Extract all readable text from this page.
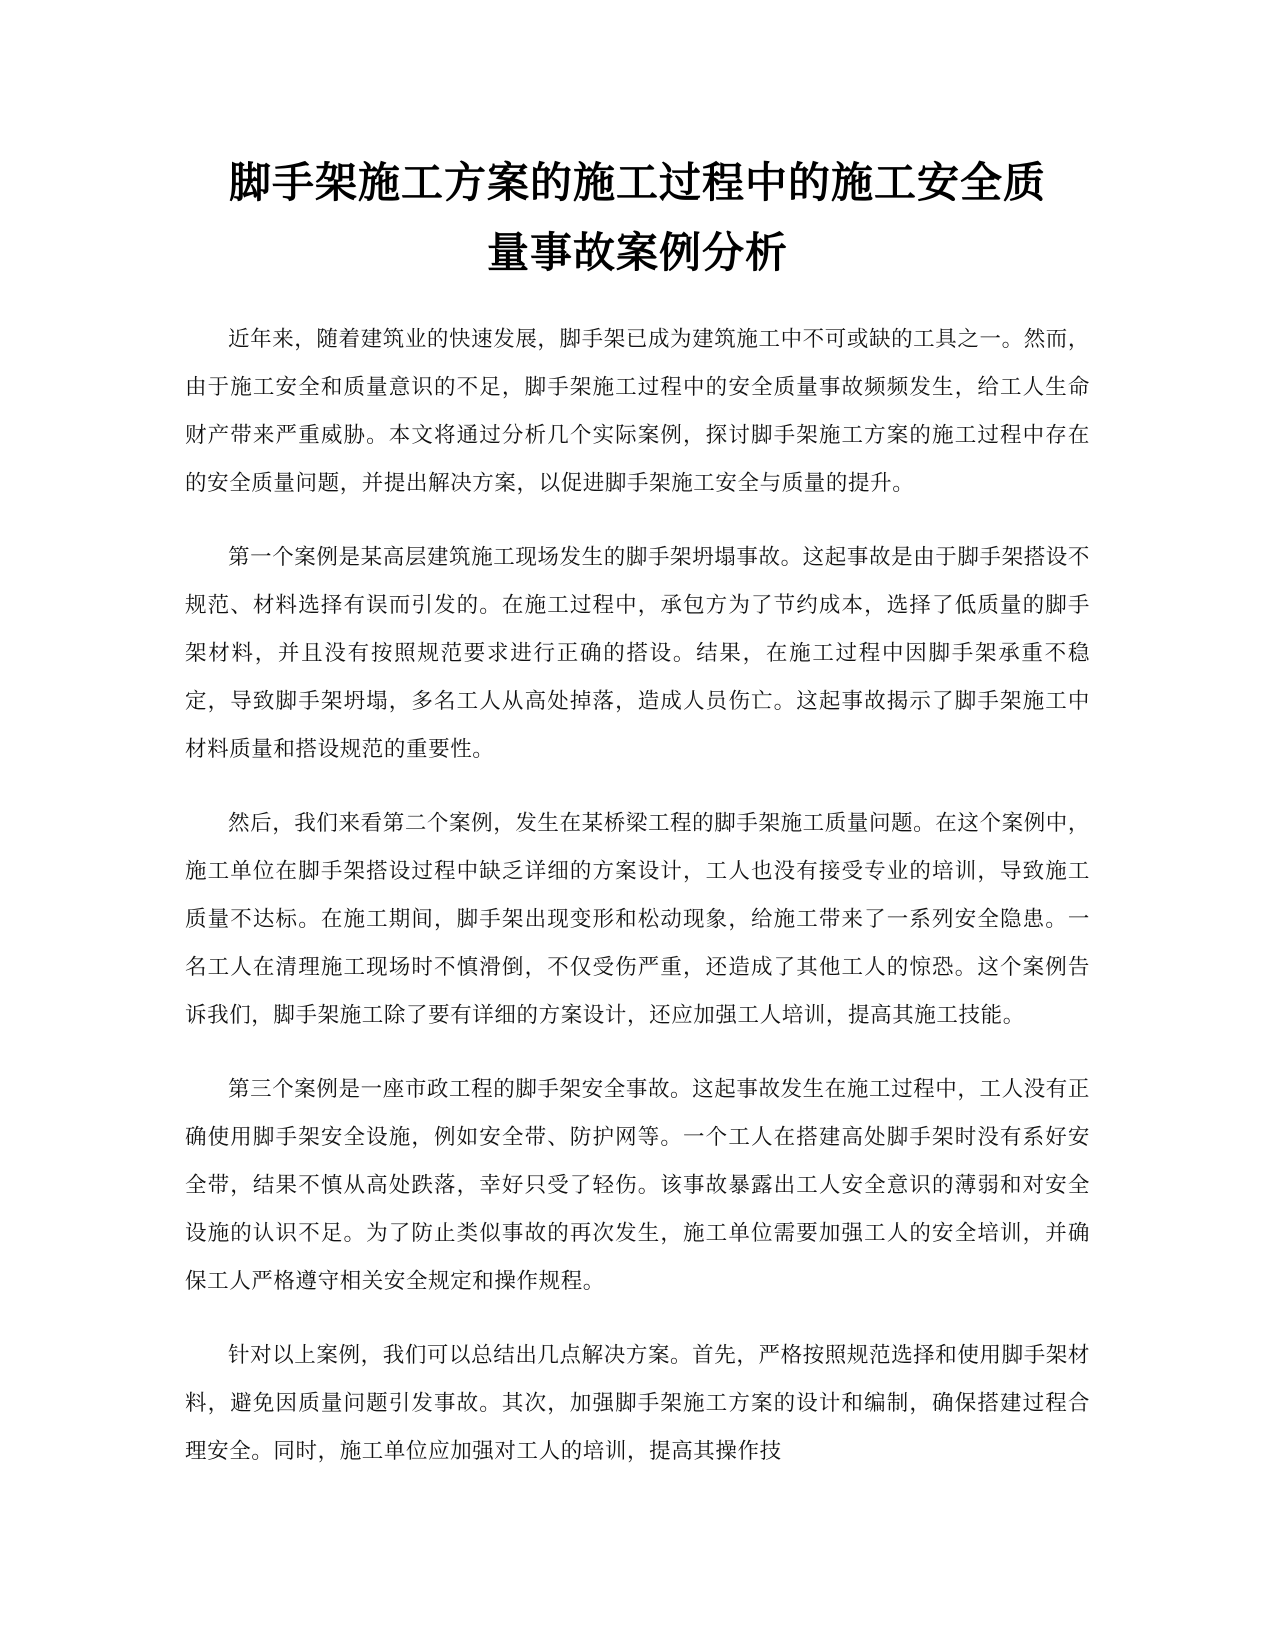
脚手架施工方案的施工过程中的施工安全质
量事故案例分析

近年来，随着建筑业的快速发展，脚手架已成为建筑施工中不可或缺的工具之一。然而，由于施工安全和质量意识的不足，脚手架施工过程中的安全质量事故频频发生，给工人生命财产带来严重威胁。本文将通过分析几个实际案例，探讨脚手架施工方案的施工过程中存在的安全质量问题，并提出解决方案，以促进脚手架施工安全与质量的提升。

第一个案例是某高层建筑施工现场发生的脚手架坍塌事故。这起事故是由于脚手架搭设不规范、材料选择有误而引发的。在施工过程中，承包方为了节约成本，选择了低质量的脚手架材料，并且没有按照规范要求进行正确的搭设。结果，在施工过程中因脚手架承重不稳定，导致脚手架坍塌，多名工人从高处掉落，造成人员伤亡。这起事故揭示了脚手架施工中材料质量和搭设规范的重要性。

然后，我们来看第二个案例，发生在某桥梁工程的脚手架施工质量问题。在这个案例中，施工单位在脚手架搭设过程中缺乏详细的方案设计，工人也没有接受专业的培训，导致施工质量不达标。在施工期间，脚手架出现变形和松动现象，给施工带来了一系列安全隐患。一名工人在清理施工现场时不慎滑倒，不仅受伤严重，还造成了其他工人的惊恐。这个案例告诉我们，脚手架施工除了要有详细的方案设计，还应加强工人培训，提高其施工技能。

第三个案例是一座市政工程的脚手架安全事故。这起事故发生在施工过程中，工人没有正确使用脚手架安全设施，例如安全带、防护网等。一个工人在搭建高处脚手架时没有系好安全带，结果不慎从高处跌落，幸好只受了轻伤。该事故暴露出工人安全意识的薄弱和对安全设施的认识不足。为了防止类似事故的再次发生，施工单位需要加强工人的安全培训，并确保工人严格遵守相关安全规定和操作规程。

针对以上案例，我们可以总结出几点解决方案。首先，严格按照规范选择和使用脚手架材料，避免因质量问题引发事故。其次，加强脚手架施工方案的设计和编制，确保搭建过程合理安全。同时，施工单位应加强对工人的培训，提高其操作技
